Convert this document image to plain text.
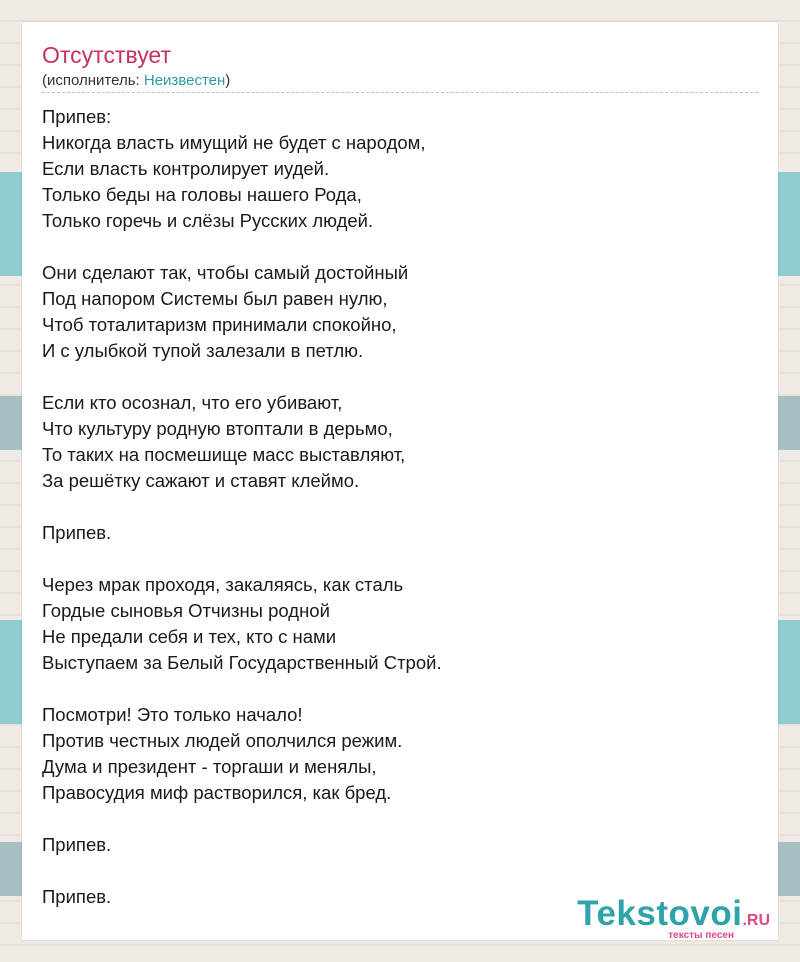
Отсутствует
(исполнитель: Неизвестен)
Припев:
Никогда власть имущий не будет с народом,
Если власть контролирует иудей.
Только беды на головы нашего Рода,
Только горечь и слёзы Русских людей.
Они сделают так, чтобы самый достойный
Под напором Системы был равен нулю,
Чтоб тоталитаризм принимали спокойно,
И с улыбкой тупой залезали в петлю.
Если кто осознал, что его убивают,
Что культуру родную втоптали в дерьмо,
То таких на посмешище масс выставляют,
За решётку сажают и ставят клеймо.
Припев.
Через мрак проходя, закаляясь, как сталь
Гордые сыновья Отчизны родной
Не предали себя и тех, кто с нами
Выступаем за Белый Государственный Строй.
Посмотри! Это только начало!
Против честных людей ополчился режим.
Дума и президент - торгаши и менялы,
Правосудия миф растворился, как бред.
Припев.
Припев.	Tekstovoi.RU
тексты песен
